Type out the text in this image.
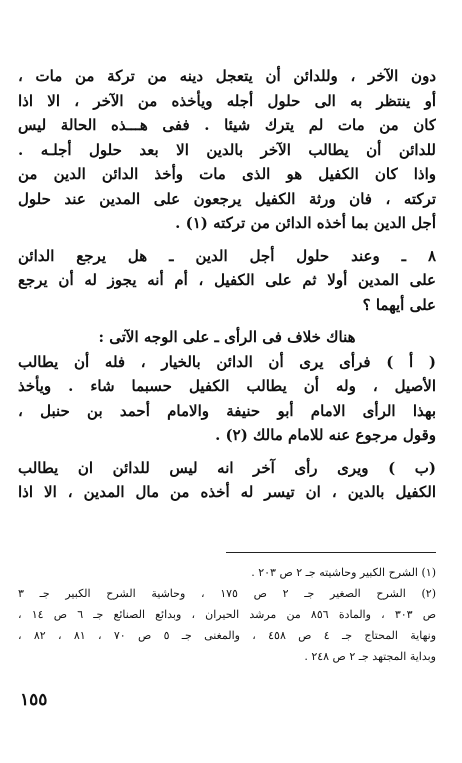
دون الآخر ، وللدائن أن يتعجل دينه من تركة من مات ،
أو ينتظر به الى حلول أجله ويأخذه من الآخر ، الا اذا
كان من مات لم يترك شيئا . ففى هـــذه الحالة ليس
للدائن أن يطالب الآخر بالدين الا بعد حلول أجلـه .
واذا كان الكفيل هو الذى مات وأخذ الدائن الدين من
تركته ، فان ورثة الكفيل يرجعون على المدين عند حلول
أجل الدين بما أخذه الدائن من تركته (١) .
٨ ـ وعند حلول أجل الدين ـ هل يرجع الدائن
على المدين أولا ثم على الكفيل ، أم أنه يجوز له أن يرجع
على أيهما ؟
هناك خلاف فى الرأى ـ على الوجه الآتى :
( أ ) فرأى يرى أن الدائن بالخيار ، فله أن يطالب
الأصيل ، وله أن يطالب الكفيل حسبما شاء . ويأخذ
بهذا الرأى الامام أبو حنيفة والامام أحمد بن حنبل ،
وقول مرجوع عنه للامام مالك (٢) .
(ب ) ويرى رأى آخر انه ليس للدائن ان يطالب
الكفيل بالدين ، ان تيسر له أخذه من مال المدين ، الا اذا
(١) الشرح الكبير وحاشيته جـ ٢ ص ٢٠٣ .
(٢) الشرح الصغير جـ ٢ ص ١٧٥ ، وحاشية الشرح الكبير جـ ٣
ص ٣٠٣ ، والمادة ٨٥٦ من مرشد الحيران ، وبدائع الصنائع جـ ٦ ص ١٤ ،
ونهاية المحتاج جـ ٤ ص ٤٥٨ ، والمغنى جـ ٥ ص ٧٠ ، ٨١ ، ٨٢ ،
وبداية المجتهد جـ ٢ ص ٢٤٨ .
١٥٥
